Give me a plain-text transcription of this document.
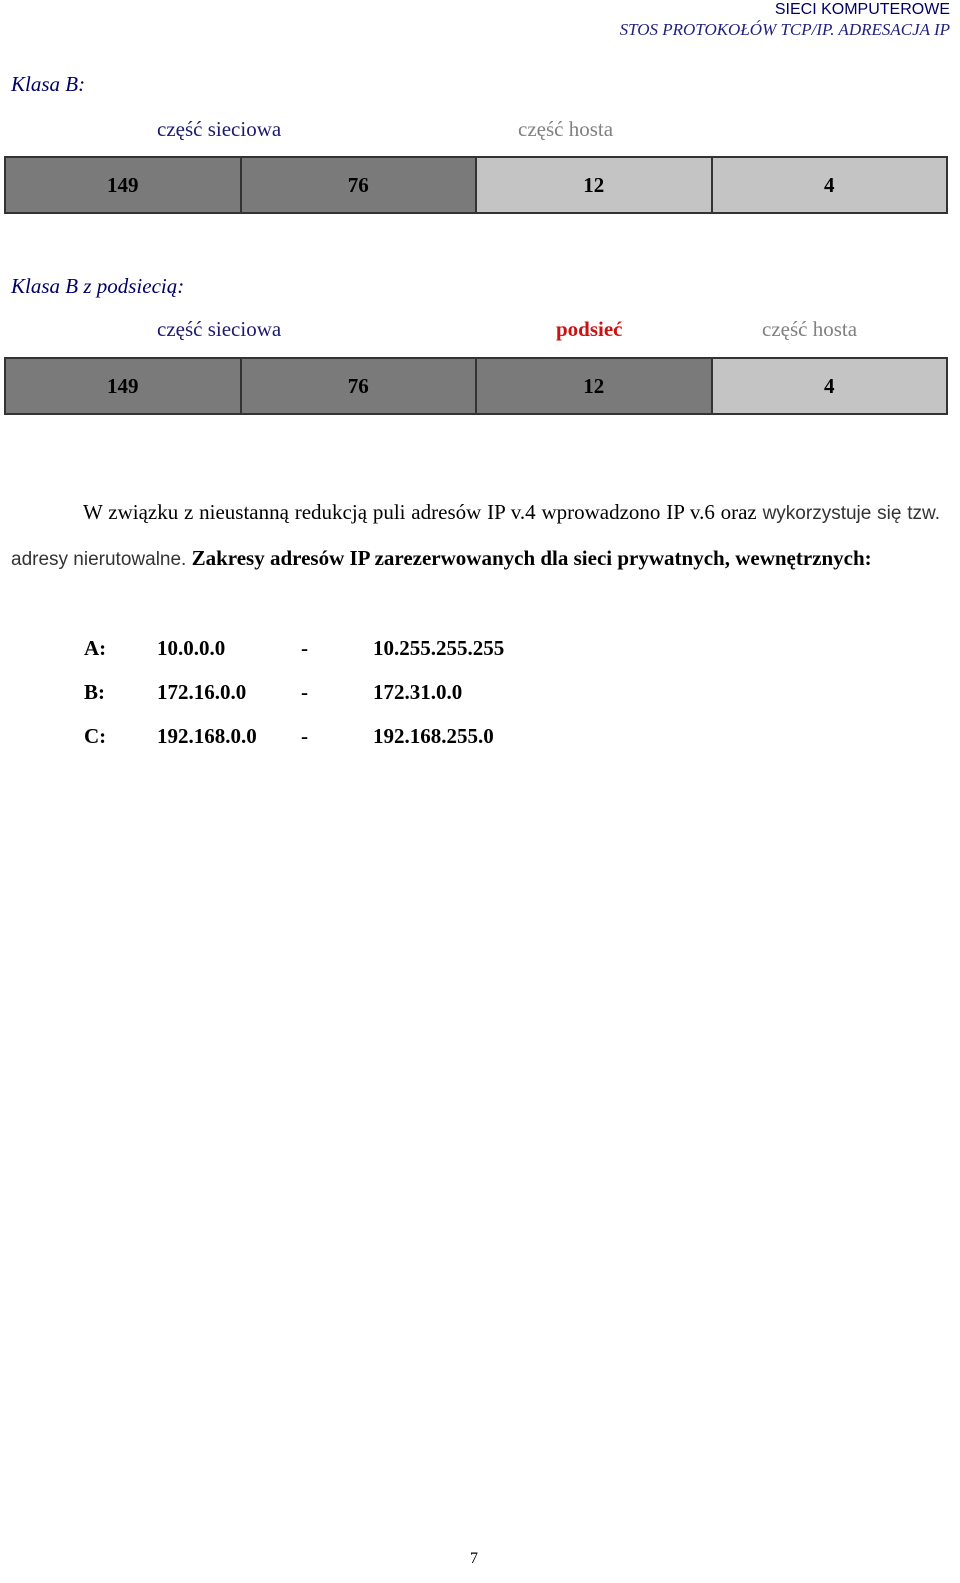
SIECI KOMPUTEROWE
STOS PROTOKOŁÓW TCP/IP. ADRESACJA IP
Klasa B:
część sieciowa	część hosta
149	76	12	4
Klasa B z podsiecią:
część sieciowa	podsieć	część hosta
149	76	12	4
W związku z nieustanną redukcją puli adresów IP v.4 wprowadzono IP v.6 oraz wykorzystuje się tzw. adresy nierutowalne. Zakresy adresów IP zarezerwowanych dla sieci prywatnych, wewnętrznych:
A: 10.0.0.0	-	10.255.255.255
B: 172.16.0.0	-	172.31.0.0
C: 192.168.0.0 -	192.168.255.0
7
